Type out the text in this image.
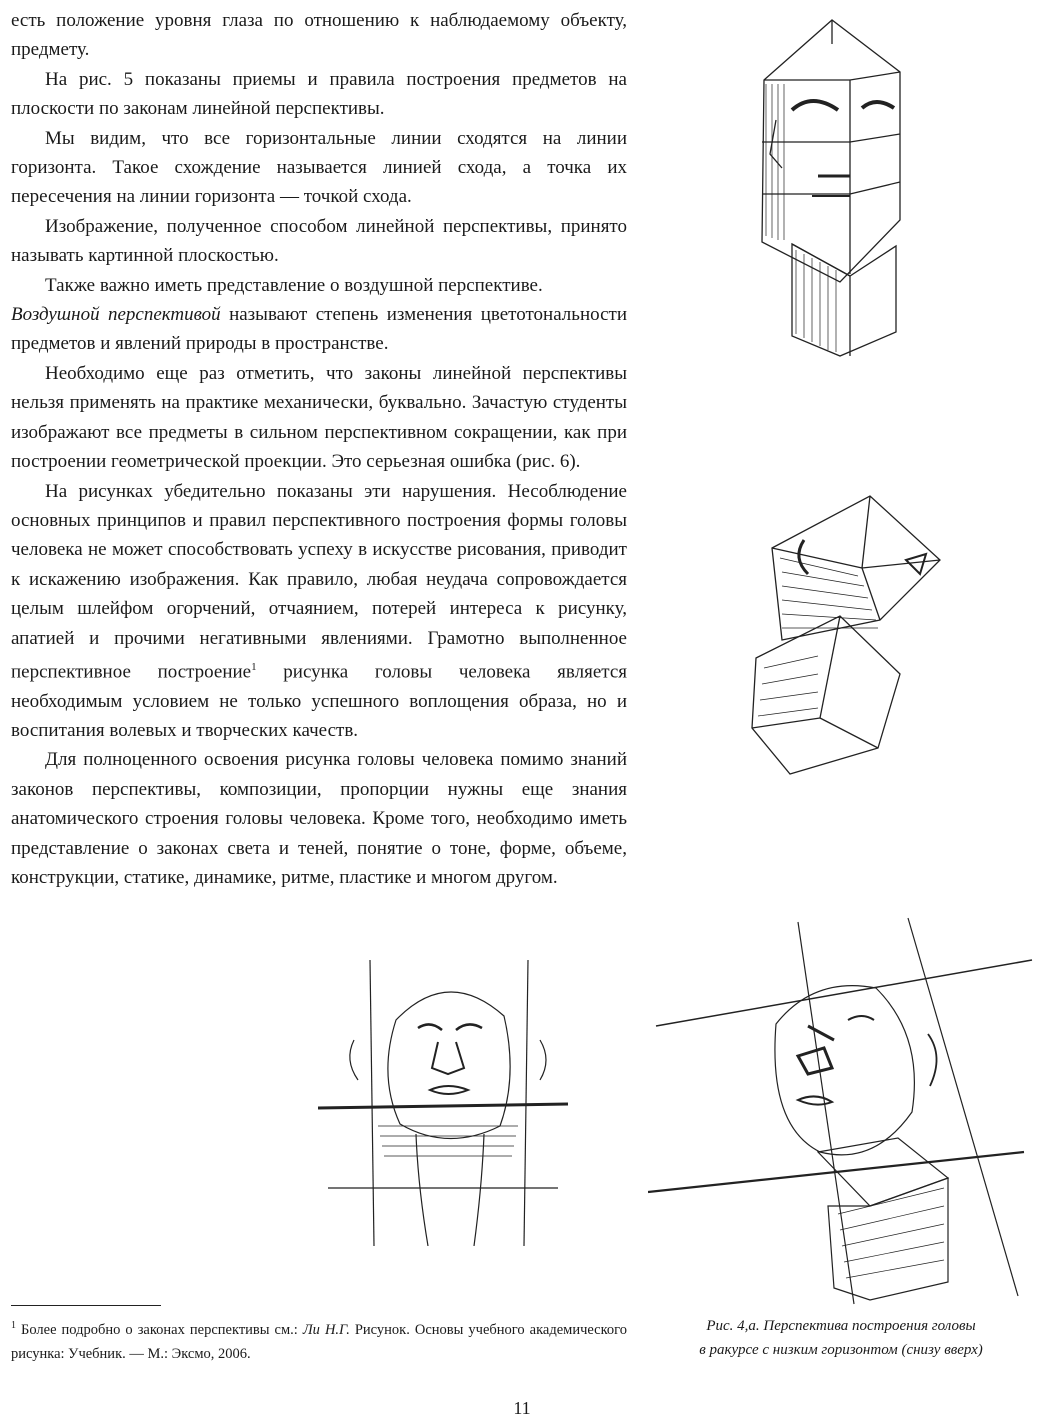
есть положение уровня глаза по отношению к наблюдаемому объекту, предмету.

На рис. 5 показаны приемы и правила построения предметов на плоскости по законам линейной перспективы.

Мы видим, что все горизонтальные линии сходятся на линии горизонта. Такое схождение называется линией схода, а точка их пересечения на линии горизонта — точкой схода.

Изображение, полученное способом линейной перспективы, принято называть картинной плоскостью.

Также важно иметь представление о воздушной перспективе.

Воздушной перспективой называют степень изменения цветотональности предметов и явлений природы в пространстве.

Необходимо еще раз отметить, что законы линейной перспективы нельзя применять на практике механически, буквально. Зачастую студенты изображают все предметы в сильном перспективном сокращении, как при построении геометрической проекции. Это серьезная ошибка (рис. 6).

На рисунках убедительно показаны эти нарушения. Несоблюдение основных принципов и правил перспективного построения формы головы человека не может способствовать успеху в искусстве рисования, приводит к искажению изображения. Как правило, любая неудача сопровождается целым шлейфом огорчений, отчаянием, потерей интереса к рисунку, апатией и прочими негативными явлениями. Грамотно выполненное перспективное построение$^1$ рисунка головы человека является необходимым условием не только успешного воплощения образа, но и воспитания волевых и творческих качеств.

Для полноценного освоения рисунка головы человека помимо знаний законов перспективы, композиции, пропорции нужны еще знания анатомического строения головы человека. Кроме того, необходимо иметь представление о законах света и теней, понятие о тоне, форме, объеме, конструкции, статике, динамике, ритме, пластике и многом другом.

$^1$ Более подробно о законах перспективы см.: Ли Н.Г. Рисунок. Основы учебного академического рисунка: Учебник. — М.: Эксмо, 2006.
Рис. 4,а. Перспектива построения головы
в ракурсе с низким горизонтом (снизу вверх)
11
